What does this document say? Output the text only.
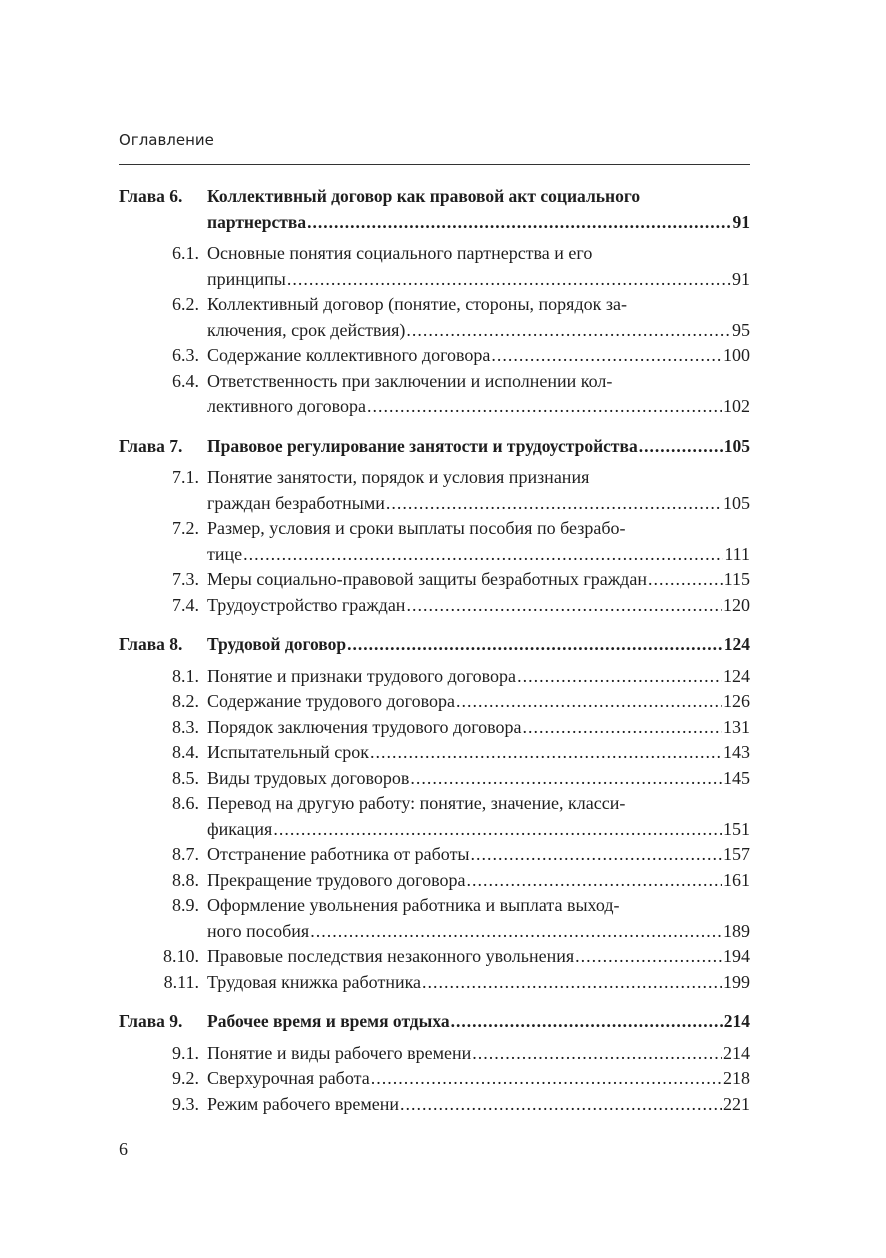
Оглавление
Глава 6.	Коллективный договор как правовой акт социального
партнерства .....	91
6.1. Основные понятия социального партнерства и его
принципы .....	91
6.2. Коллективный договор (понятие, стороны, порядок за-
ключения, срок действия) .....	95
6.3. Содержание коллективного договора .....	100
6.4. Ответственность при заключении и исполнении кол-
лективного договора .....	102
Глава 7.	Правовое регулирование занятости и трудоустройства .....	105
7.1. Понятие занятости, порядок и условия признания
граждан безработными .....	105
7.2. Размер, условия и сроки выплаты пособия по безрабо-
тице .....	111
7.3. Меры социально-правовой защиты безработных граждан .....	115
7.4. Трудоустройство граждан .....	120
Глава 8.	Трудовой договор .....	124
8.1. Понятие и признаки трудового договора .....	124
8.2. Содержание трудового договора .....	126
8.3. Порядок заключения трудового договора .....	131
8.4. Испытательный срок .....	143
8.5. Виды трудовых договоров .....	145
8.6. Перевод на другую работу: понятие, значение, класси-
фикация .....	151
8.7. Отстранение работника от работы .....	157
8.8. Прекращение трудового договора .....	161
8.9. Оформление увольнения работника и выплата выход-
ного пособия .....	189
8.10. Правовые последствия незаконного увольнения .....	194
8.11. Трудовая книжка работника .....	199
Глава 9.	Рабочее время и время отдыха .....	214
9.1. Понятие и виды рабочего времени .....	214
9.2. Сверхурочная работа .....	218
9.3. Режим рабочего времени .....	221
6
